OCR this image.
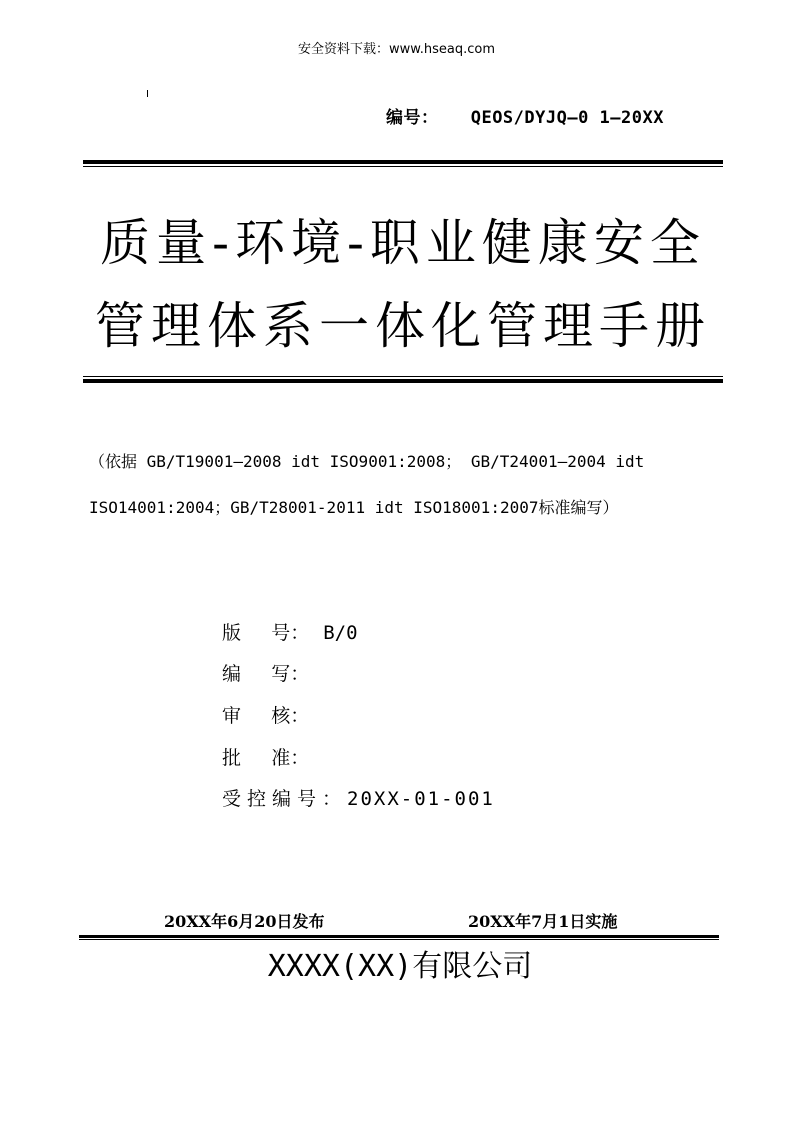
安全资料下载：www.hseaq.com
编号： QEOS/DYJQ—0 1—20XX
质量-环境-职业健康安全
管理体系一体化管理手册
（依据 GB/T19001—2008 idt ISO9001:2008； GB/T24001—2004 idt
ISO14001:2004；GB/T28001-2011 idt ISO18001:2007标准编写）
版     号： B/0
编     写：
审     核：
批     准：
受控编号：20XX-01-001
20XX年6月20日发布	20XX年7月1日实施
XXXX(XX)有限公司
